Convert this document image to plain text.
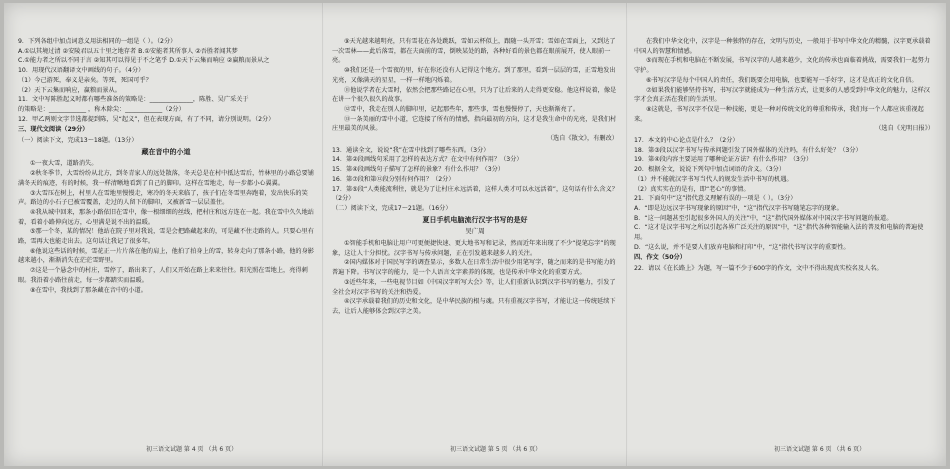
9．下列各组中加点词意义用法相同的一组是（ ）。（2分）

A.①以其境过清 ②安陵君以五十里之地存者 B.①安能者其所事人 ②吾胜者闻其梦

C.①能力者之所以不同于言 ②知其可以得见于不之笔乎 D.①天下云集而响应 ②赢粮而景从之

10．用现代汉语翻译文中画线的句子。（4分）

（1）今己游死，奉义是亲矣。等死，死国可乎？

（2）天下云集而响应，赢粮而景从。

11．文中写陈胜起义时都有哪些准备的策略是：______________，陈胜、吴广采关于

的策略是：____________ ，称木除尖：____________（2分）

12．甲乙两则文字节选都提到陈，吴“起义”，但在表现方面，有了不同，请分别说明。（2分）

三、现代文阅读（29分）

（一）阅读下文，完成13～18题。（13分）

藏在音中的小道

①一夜大雪，道路消失。

②秋冬季节，大雪纷纷从北方，到冬青家人的远处散落，冬天总是在村中抵达雪后，竹林里的小路总要铺满冬天的痕迹，有的时候，我一样清晰地看到了自己的脚印。这样在雪地走，每一步都小心翼翼。

③大雪压在树上，村里人在雪地里慢慢走，寒冷的冬天来临了，孩子们在冬雪里奔跑着，发出快乐的笑声。路边的小石子已被雪覆盖，走过的人留下的脚印，又被新雪一层层盖住。

④我从城中回来，那条小路依旧在雪中，像一根细细的丝线，把村庄和远方连在一起。我在雪中久久地站着，看着小路伸向远方，心里满是说不出的温暖。

⑤那一个冬，某的情况！他站在院子里对我说，雪是会把路藏起来的，可是藏不住走路的人。只要心里有路，雪再大也能走出去。这句话让我记了很多年。

⑥他说这些话的时候，雪花正一片片落在他的肩上，他拍了拍身上的雪，转身走向了那条小路，他的身影越来越小，渐渐消失在茫茫雪野里。

⑦这是一个悬念中的村庄，雪停了，路出来了，人们又开始在路上来来往往。阳光照在雪地上，亮得刺眼。我沿着小路往前走，每一步都踏实而温暖。

⑧在雪中，我找到了那条藏在音中的小道。

⑨天光越来越明亮，只有雪花在各处跳跃，雪如云杯似上，跟随一头开雪；雪如在雪面上，又到达了一次雪林——此后落雪，都在夫面前的雪，倒映某处的路，各种好看的景色都在眼前展开，使人眼前一亮。

⑩我们还是一个雪夜的里，好在你还没有人记得这个地方。到了那里，看到一层层的雪，正雪地发出光亮，又像满天的星星，一样一样地闪烁着。

⑪他说学者在大雪时，依然会把那些路记在心里，只为了让后来的人走得更安稳。他这样说着，像是在讲一个很久很久的故事。

⑫雪中，我走在别人的脚印里，记起那些年，那些事，雪也慢慢停了，天也渐渐亮了。

⑬一条美丽的雪中小道，它连接了所有的情感，指向最初的方向，这才是我生命中的光亮，是我们村庄里最美的风景。

（选自《散文》，有删改）

13．通读全文，说说“我”在雪中找到了哪些东西。（3分）

14．第②段画线句采用了怎样的表达方式？在文中有何作用？（3分）

15．第④段画线句子描写了怎样的景象？有什么作用？（3分）

16．第⑦段和第⑫段分别有何作用？（2分）

17．第⑤段“人类能流利往，就是为了让村庄永远活着，这样人类才可以永远活着”，这句话有什么含义？（2分）

（二）阅读下文，完成17～21题。（16分）

夏日手机电脑流行汉字书写的是好

吴广周

①智能手机和电脑让用户可更便捷快速、更大地书写和记录，然而近年来出现了不少“提笔忘字”的现象，这让人十分担忧。汉字书写与传承问题，正在引发越来越多人的关注。

②国内媒体对于国民写字的调查显示，多数人在日常生活中很少用笔写字，随之而来的是书写能力的普遍下降。书写汉字的能力，是一个人语言文字素养的体现，也是传承中华文化的重要方式。

③近些年来，一些电视节目如《中国汉字听写大会》等，让人们重新认识到汉字书写的魅力，引发了全社会对汉字书写的关注和热爱。

④汉字承载着我们的历史和文化，是中华民族的根与魂。只有重视汉字书写，才能让这一传统延续下去，让后人能够体会到汉字之美。

在我们中华文化中，汉字是一种独特的存在，文明与历史，一般用于书写中华文化的精髓，汉字更承载着中国人的智慧和情感。

⑤而现在手机和电脑在不断发展，书写汉字的人越来越少，文化的传承也面临着挑战，需要我们一起努力守护。

⑥书写汉字是每个中国人的责任，我们既要会用电脑，也要能写一手好字，这才是真正的文化自信。

⑦如果我们能够坚持书写，书写汉字就能成为一种生活方式，让更多的人感受到中华文化的魅力，这样汉字才会真正活在我们的生活里。

⑧这就是，书写汉字不仅是一种技能，更是一种对传统文化的尊重和传承，我们每一个人都应该重视起来。

（选自《光明日报》）

17．本文的中心论点是什么？（2分）

18．第③段以汉字书写与传承问题引发了国外媒体的关注吗，有什么好处？（3分）

19．第④段内容主要运用了哪种论证方法？有什么作用？（3分）

20．根据全文，说说下列句中加点词语的含义。（3分）

（1）并不能就汉字书写当代人的规发生活中书写的机遇。

（2）真实实在的是有，即“老心”的事情。

21．下面句中“这”指代意义理解有误的一项是（ ）。（3分）

A．“即是边远汉字书写现象的原因”中，“这”指代汉字书写随笔忘字的现象。

B．“这一问题甚至引起很多外国人的关注”中，“这”指代国外媒体对中国汉字书写问题的报道。

C．“这才是汉字书写之所以引起各界广泛关注的原因”中，“这”指代各种智能输入法的普及和电脑的普遍使用。

D．“这么说，并不是要人们放弃电脑和打印”中，“这”指代书写汉字的重要性。

四、作文（50分）

22．请以《在长路上》为题，写一篇不少于600字的作文，文中不得出现真实校名及人名。

初三语文试题 第 4 页 （共 6 页）	初三语文试题 第 5 页 （共 6 页）	初三语文试题 第 6 页 （共 6 页）
